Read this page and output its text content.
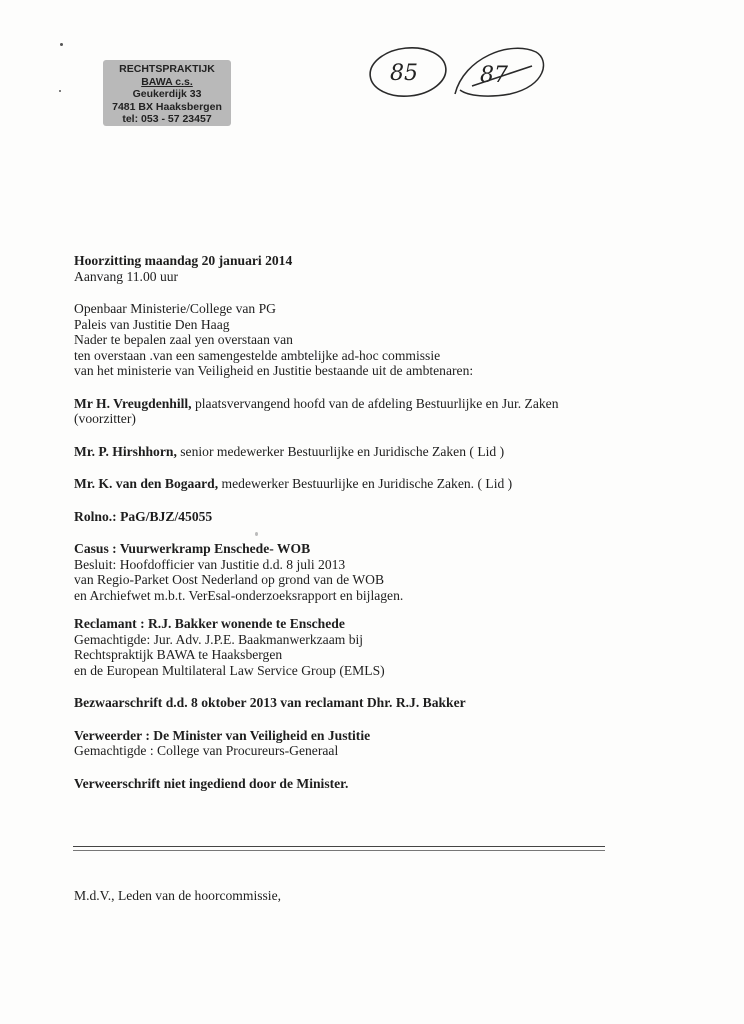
RECHTSPRAKTIJK
BAWA c.s.
Geukerdijk 33
7481 BX Haaksbergen
tel: 053 - 57 23457
85	87
Hoorzitting maandag 20 januari 2014
Aanvang 11.00 uur
Openbaar Ministerie/College van PG
Paleis van Justitie Den Haag
Nader te bepalen zaal yen overstaan van
ten overstaan .van een samengestelde ambtelijke ad-hoc commissie
van het ministerie van Veiligheid en Justitie bestaande uit de ambtenaren:
Mr H. Vreugdenhill, plaatsvervangend hoofd van de afdeling Bestuurlijke en Jur. Zaken
(voorzitter)
Mr. P. Hirshhorn, senior medewerker Bestuurlijke en Juridische Zaken ( Lid )
Mr. K. van den Bogaard, medewerker Bestuurlijke en Juridische Zaken. ( Lid )
Rolno.: PaG/BJZ/45055
Casus : Vuurwerkramp Enschede- WOB
Besluit: Hoofdofficier van Justitie d.d. 8 juli 2013
van Regio-Parket Oost Nederland op grond van de WOB
en Archiefwet m.b.t. VerEsal-onderzoeksrapport en bijlagen.
Reclamant : R.J. Bakker wonende te Enschede
Gemachtigde: Jur. Adv. J.P.E. Baakmanwerkzaam bij
Rechtspraktijk BAWA te Haaksbergen
en de European Multilateral Law Service Group (EMLS)
Bezwaarschrift d.d. 8 oktober 2013 van reclamant Dhr. R.J. Bakker
Verweerder : De Minister van Veiligheid en Justitie
Gemachtigde : College van Procureurs-Generaal
Verweerschrift niet ingediend door de Minister.
M.d.V., Leden van de hoorcommissie,
